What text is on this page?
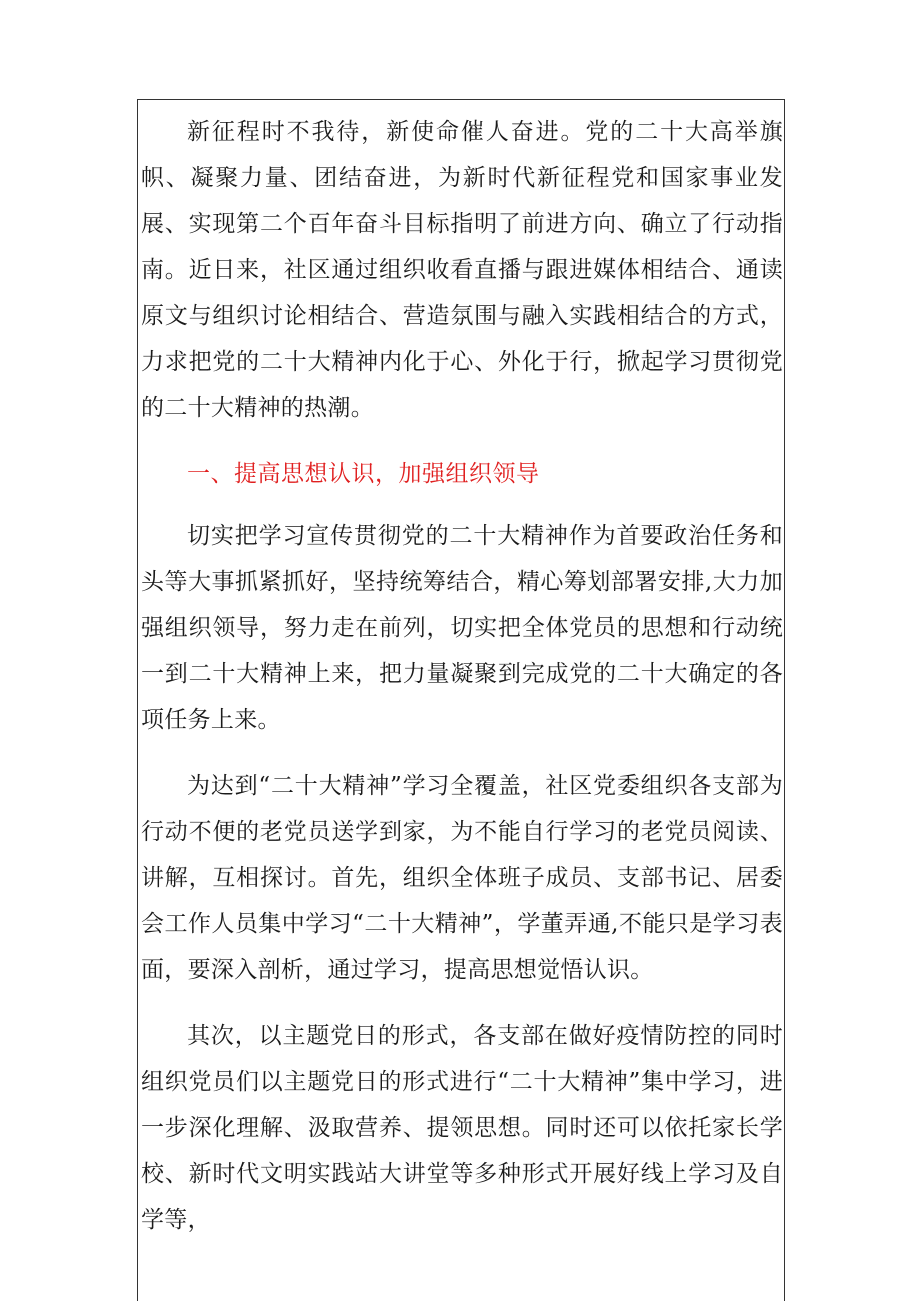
新征程时不我待，新使命催人奋进。党的二十大高举旗帜、凝聚力量、团结奋进，为新时代新征程党和国家事业发展、实现第二个百年奋斗目标指明了前进方向、确立了行动指南。近日来，社区通过组织收看直播与跟进媒体相结合、通读原文与组织讨论相结合、营造氛围与融入实践相结合的方式，力求把党的二十大精神内化于心、外化于行，掀起学习贯彻党的二十大精神的热潮。

一、提高思想认识，加强组织领导

切实把学习宣传贯彻党的二十大精神作为首要政治任务和头等大事抓紧抓好，坚持统筹结合，精心筹划部署安排,大力加强组织领导，努力走在前列，切实把全体党员的思想和行动统一到二十大精神上来，把力量凝聚到完成党的二十大确定的各项任务上来。

为达到“二十大精神”学习全覆盖，社区党委组织各支部为行动不便的老党员送学到家，为不能自行学习的老党员阅读、讲解，互相探讨。首先，组织全体班子成员、支部书记、居委会工作人员集中学习“二十大精神”，学董弄通,不能只是学习表面，要深入剖析，通过学习，提高思想觉悟认识。

其次，以主题党日的形式，各支部在做好疫情防控的同时组织党员们以主题党日的形式进行“二十大精神”集中学习，进一步深化理解、汲取营养、提领思想。同时还可以依托家长学校、新时代文明实践站大讲堂等多种形式开展好线上学习及自学等，
